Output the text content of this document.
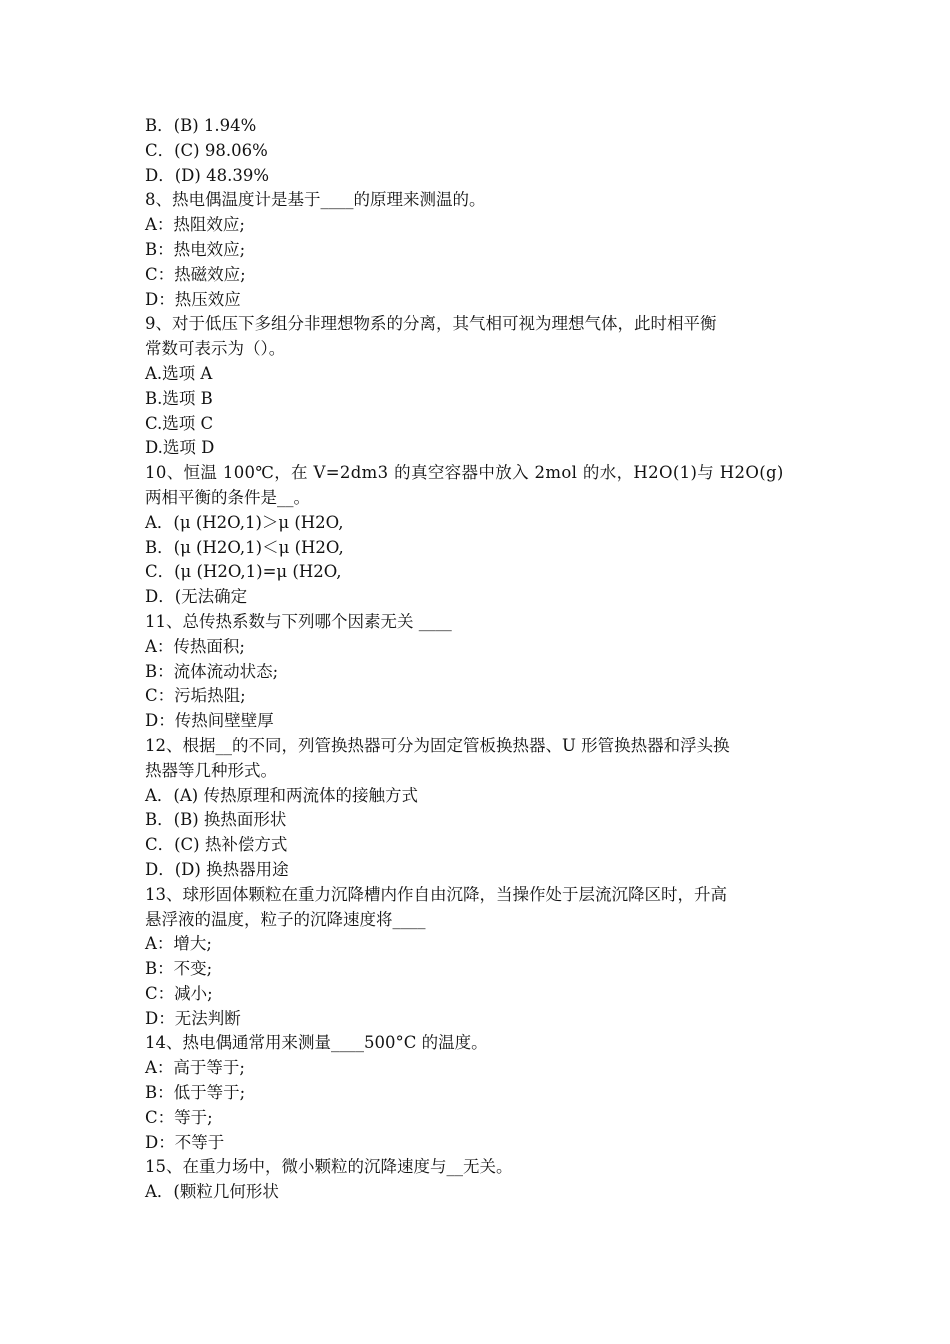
B．(B) 1.94%
C．(C) 98.06%
D．(D) 48.39%
8、热电偶温度计是基于____的原理来测温的。
A：热阻效应;
B：热电效应;
C：热磁效应;
D：热压效应
9、对于低压下多组分非理想物系的分离，其气相可视为理想气体，此时相平衡
常数可表示为（）。
A.选项 A
B.选项 B
C.选项 C
D.选项 D
10、恒温 100℃，在 V=2dm3 的真空容器中放入 2mol 的水，H2O(1)与 H2O(g)
两相平衡的条件是__。
A．(μ (H2O,1)＞μ (H2O,
B．(μ (H2O,1)＜μ (H2O,
C．(μ (H2O,1)=μ (H2O,
D．(无法确定
11、总传热系数与下列哪个因素无关 ____
A：传热面积;
B：流体流动状态;
C：污垢热阻;
D：传热间壁壁厚
12、根据__的不同，列管换热器可分为固定管板换热器、U 形管换热器和浮头换
热器等几种形式。
A．(A) 传热原理和两流体的接触方式
B．(B) 换热面形状
C．(C) 热补偿方式
D．(D) 换热器用途
13、球形固体颗粒在重力沉降槽内作自由沉降，当操作处于层流沉降区时，升高
悬浮液的温度，粒子的沉降速度将____
A：增大;
B：不变;
C：减小;
D：无法判断
14、热电偶通常用来测量____500°C 的温度。
A：高于等于;
B：低于等于;
C：等于;
D：不等于
15、在重力场中，微小颗粒的沉降速度与__无关。
A．(颗粒几何形状
